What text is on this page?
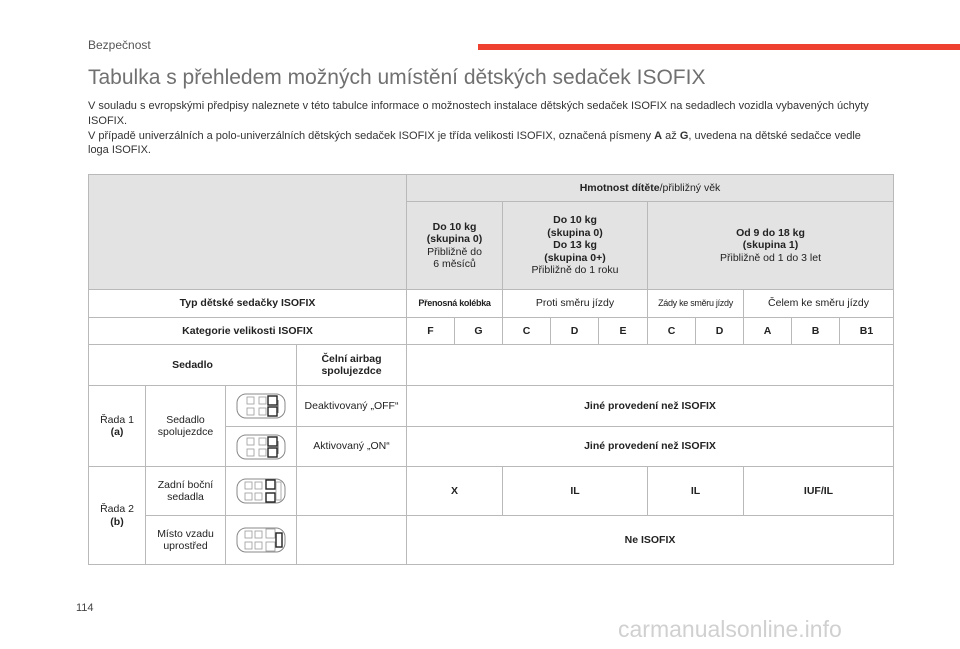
Bezpečnost
Tabulka s přehledem možných umístění dětských sedaček ISOFIX

V souladu s evropskými předpisy naleznete v této tabulce informace o možnostech instalace dětských sedaček ISOFIX na sedadlech vozidla vybavených úchyty ISOFIX.

V případě univerzálních a polo-univerzálních dětských sedaček ISOFIX je třída velikosti ISOFIX, označená písmeny A až G, uvedena na dětské sedačce vedle loga ISOFIX.

				Hmotnost dítěte/přibližný věk									
				Do 10 kg
(skupina 0)
Přibližně do
6 měsíců		Do 10 kg
(skupina 0)
Do 13 kg
(skupina 0+)
Přibližně do 1 roku			Od 9 do 18 kg
(skupina 1)
Přibližně od 1 do 3 let				
Typ dětské sedačky ISOFIX				Přenosná kolébka		Proti směru jízdy			Zády ke směru jízdy		Čelem ke směru jízdy		
Kategorie velikosti ISOFIX				F	G	C	D	E	C	D	A	B	B1
Sedadlo			Čelní airbag spolujezdce										
Řada 1
(a)	Sedadlo spolujezdce		Deaktivovaný „OFF“	Jiné provedení než ISOFIX									

	Aktivovaný „ON“	Jiné provedení než ISOFIX									
Řada 2
(b)	Zadní boční sedadla			X		IL			IL		IUF/IL		
	Místo vzadu uprostřed			Ne ISOFIX									
114
carmanualsonline.info
